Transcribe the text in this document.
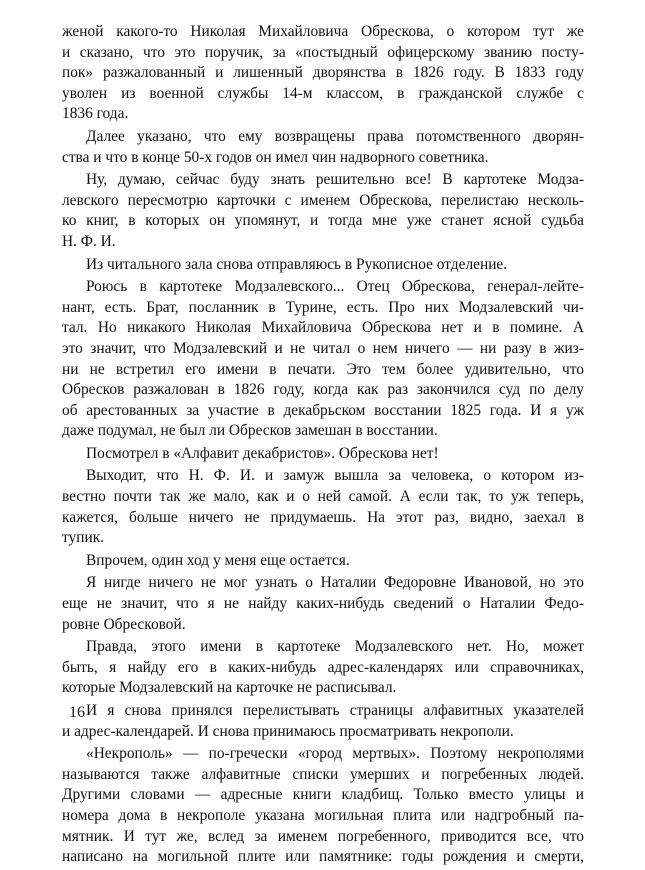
женой какого-то Николая Михайловича Обрескова, о котором тут же
и сказано, что это поручик, за «постыдный офицерскому званию посту-
пок» разжалованный и лишенный дворянства в 1826 году. В 1833 году
уволен из военной службы 14-м классом, в гражданской службе с
1836 года.
Далее указано, что ему возвращены права потомственного дворян-
ства и что в конце 50-х годов он имел чин надворного советника.
Ну, думаю, сейчас буду знать решительно все! В картотеке Модза-
левского пересмотрю карточки с именем Обрескова, перелистаю несколь-
ко книг, в которых он упомянут, и тогда мне уже станет ясной судьба
Н. Ф. И.
Из читального зала снова отправляюсь в Рукописное отделение.
Роюсь в картотеке Модзалевского... Отец Обрескова, генерал-лейте-
нант, есть. Брат, посланник в Турине, есть. Про них Модзалевский чи-
тал. Но никакого Николая Михайловича Обрескова нет и в помине. А
это значит, что Модзалевский и не читал о нем ничего — ни разу в жиз-
ни не встретил его имени в печати. Это тем более удивительно, что
Обресков разжалован в 1826 году, когда как раз закончился суд по делу
об арестованных за участие в декабрьском восстании 1825 года. И я уж
даже подумал, не был ли Обресков замешан в восстании.
Посмотрел в «Алфавит декабристов». Обрескова нет!
Выходит, что Н. Ф. И. и замуж вышла за человека, о котором из-
вестно почти так же мало, как и о ней самой. А если так, то уж теперь,
кажется, больше ничего не придумаешь. На этот раз, видно, заехал в
тупик.
Впрочем, один ход у меня еще остается.
Я нигде ничего не мог узнать о Наталии Федоровне Ивановой, но это
еще не значит, что я не найду каких-нибудь сведений о Наталии Федо-
ровне Обресковой.
Правда, этого имени в картотеке Модзалевского нет. Но, может
быть, я найду его в каких-нибудь адрес-календарях или справочниках,
которые Модзалевский на карточке не расписывал.
И я снова принялся перелистывать страницы алфавитных указателей
и адрес-календарей. И снова принимаюсь просматривать некрополи.
«Некрополь» — по-гречески «город мертвых». Поэтому некрополями
называются также алфавитные списки умерших и погребенных людей.
Другими словами — адресные книги кладбищ. Только вместо улицы и
номера дома в некрополе указана могильная плита или надгробный па-
мятник. И тут же, вслед за именем погребенного, приводится все, что
написано на могильной плите или памятнике: годы рождения и смерти,
16
